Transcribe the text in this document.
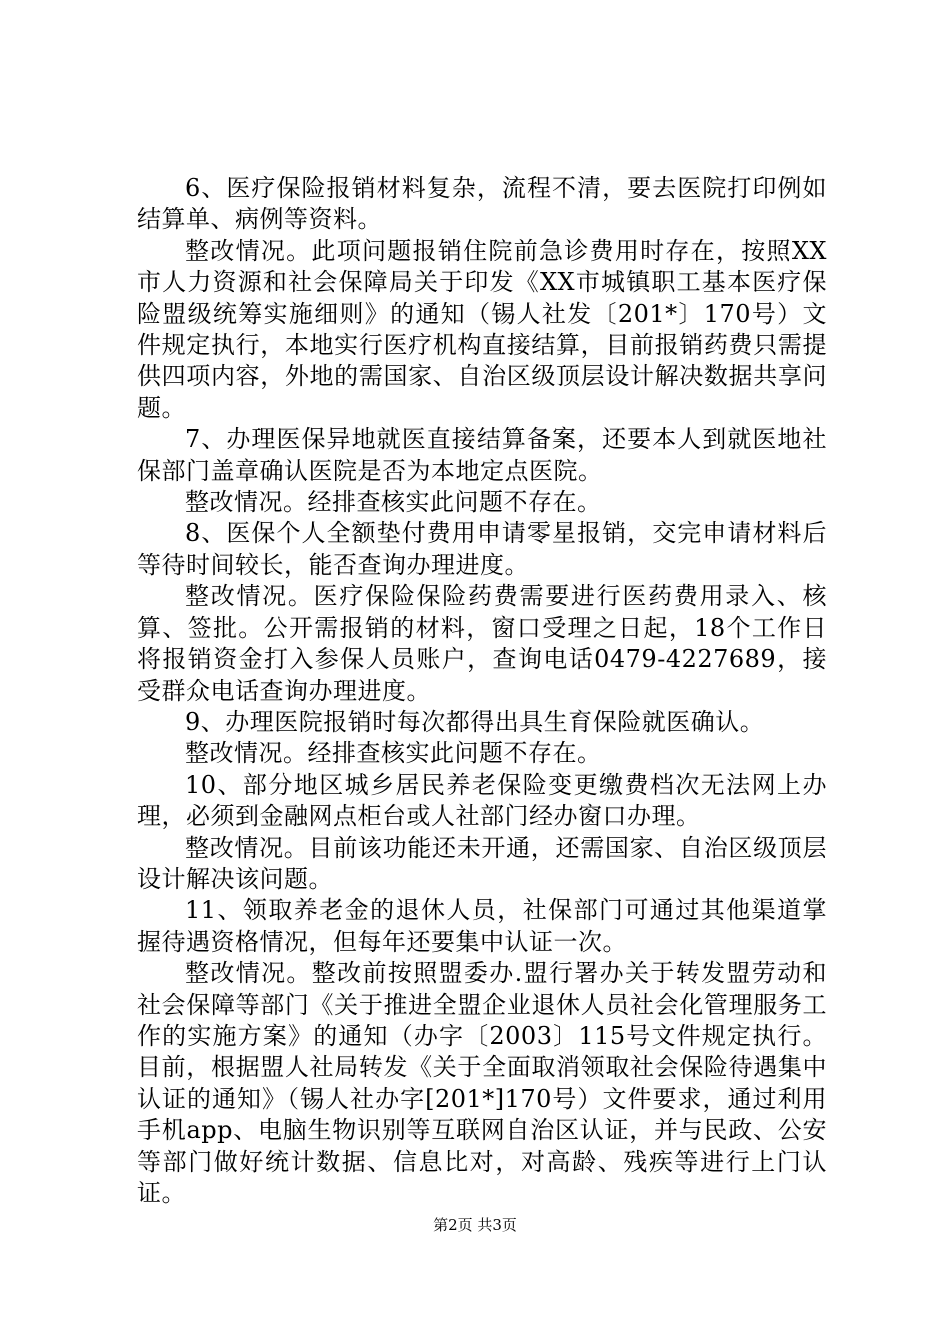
6、医疗保险报销材料复杂，流程不清，要去医院打印例如结算单、病例等资料。

整改情况。此项问题报销住院前急诊费用时存在，按照XX市人力资源和社会保障局关于印发《XX市城镇职工基本医疗保险盟级统筹实施细则》的通知（锡人社发〔201*〕170号）文件规定执行，本地实行医疗机构直接结算，目前报销药费只需提供四项内容，外地的需国家、自治区级顶层设计解决数据共享问题。

7、办理医保异地就医直接结算备案，还要本人到就医地社保部门盖章确认医院是否为本地定点医院。

整改情况。经排查核实此问题不存在。

8、医保个人全额垫付费用申请零星报销，交完申请材料后等待时间较长，能否查询办理进度。

整改情况。医疗保险保险药费需要进行医药费用录入、核算、签批。公开需报销的材料，窗口受理之日起，18个工作日将报销资金打入参保人员账户，查询电话0479-4227689，接受群众电话查询办理进度。

9、办理医院报销时每次都得出具生育保险就医确认。

整改情况。经排查核实此问题不存在。

10、部分地区城乡居民养老保险变更缴费档次无法网上办理，必须到金融网点柜台或人社部门经办窗口办理。

整改情况。目前该功能还未开通，还需国家、自治区级顶层设计解决该问题。

11、领取养老金的退休人员，社保部门可通过其他渠道掌握待遇资格情况，但每年还要集中认证一次。

整改情况。整改前按照盟委办.盟行署办关于转发盟劳动和社会保障等部门《关于推进全盟企业退休人员社会化管理服务工作的实施方案》的通知（办字〔2003〕115号文件规定执行。目前，根据盟人社局转发《关于全面取消领取社会保险待遇集中认证的通知》（锡人社办字[201*]170号）文件要求，通过利用手机app、电脑生物识别等互联网自治区认证，并与民政、公安等部门做好统计数据、信息比对，对高龄、残疾等进行上门认证。

第2页 共3页
